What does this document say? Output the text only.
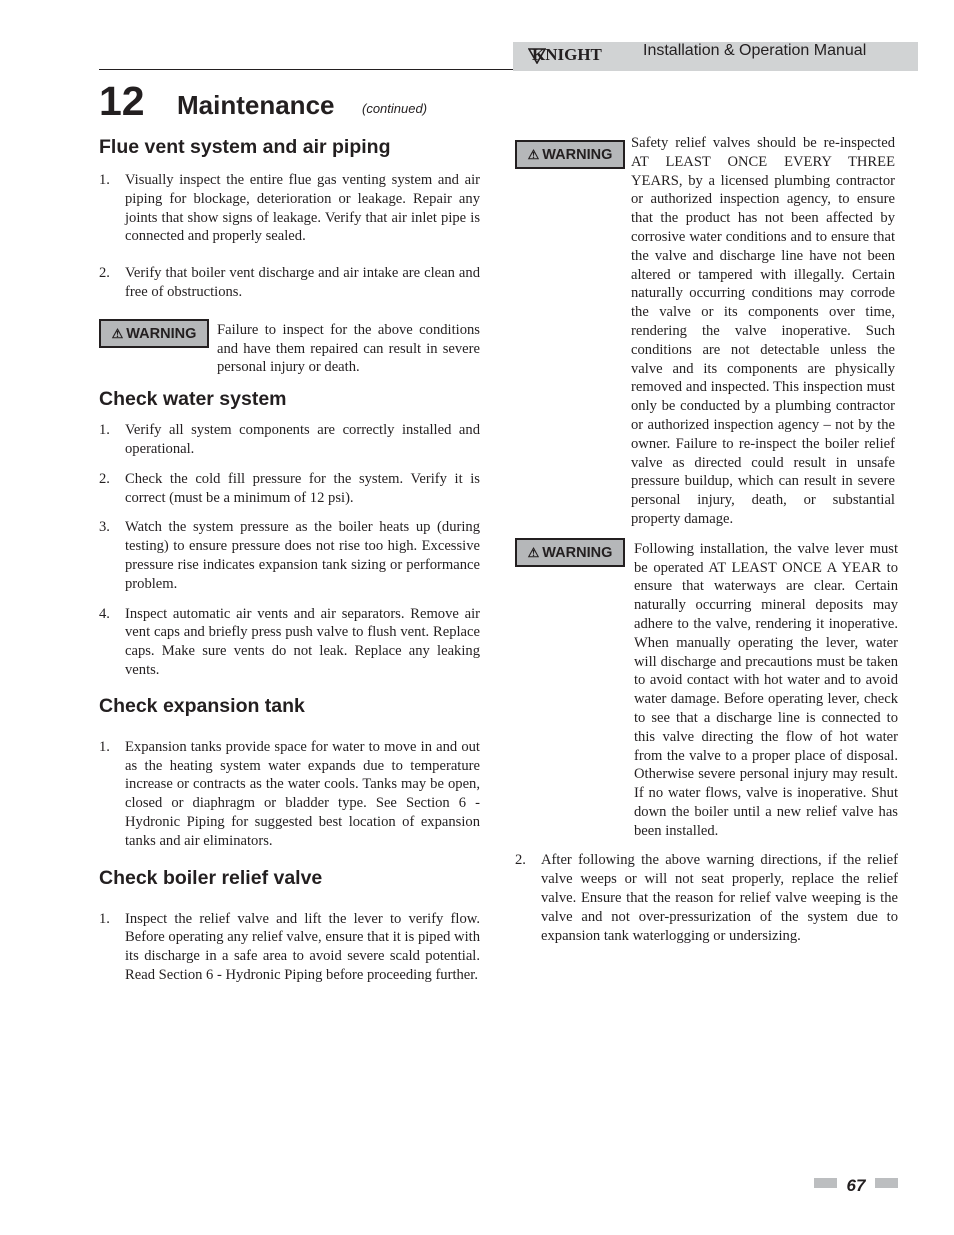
KNIGHT	Installation & Operation Manual
12 Maintenance (continued)
Flue vent system and air piping
1. Visually inspect the entire flue gas venting system and air piping for blockage, deterioration or leakage. Repair any joints that show signs of leakage. Verify that air inlet pipe is connected and properly sealed.
2. Verify that boiler vent discharge and air intake are clean and free of obstructions.
⚠ WARNING	Failure to inspect for the above conditions and have them repaired can result in severe personal injury or death.
Check water system
1. Verify all system components are correctly installed and operational.
2. Check the cold fill pressure for the system. Verify it is correct (must be a minimum of 12 psi).
3. Watch the system pressure as the boiler heats up (during testing) to ensure pressure does not rise too high. Excessive pressure rise indicates expansion tank sizing or performance problem.
4. Inspect automatic air vents and air separators. Remove air vent caps and briefly press push valve to flush vent. Replace caps. Make sure vents do not leak. Replace any leaking vents.
Check expansion tank
1. Expansion tanks provide space for water to move in and out as the heating system water expands due to temperature increase or contracts as the water cools. Tanks may be open, closed or diaphragm or bladder type. See Section 6 - Hydronic Piping for suggested best location of expansion tanks and air eliminators.
Check boiler relief valve
1. Inspect the relief valve and lift the lever to verify flow. Before operating any relief valve, ensure that it is piped with its discharge in a safe area to avoid severe scald potential. Read Section 6 - Hydronic Piping before proceeding further.
⚠ WARNING
Safety relief valves should be re-inspected AT LEAST ONCE EVERY THREE YEARS, by a licensed plumbing contractor or authorized inspection agency, to ensure that the product has not been affected by corrosive water conditions and to ensure that the valve and discharge line have not been altered or tampered with illegally. Certain naturally occurring conditions may corrode the valve or its components over time, rendering the valve inoperative. Such conditions are not detectable unless the valve and its components are physically removed and inspected. This inspection must only be conducted by a plumbing contractor or authorized inspection agency – not by the owner. Failure to re-inspect the boiler relief valve as directed could result in unsafe pressure buildup, which can result in severe personal injury, death, or substantial property damage.
⚠ WARNING	Following installation, the valve lever must be operated AT LEAST ONCE A YEAR to ensure that waterways are clear. Certain naturally occurring mineral deposits may adhere to the valve, rendering it inoperative. When manually operating the lever, water will discharge and precautions must be taken to avoid contact with hot water and to avoid water damage. Before operating lever, check to see that a discharge line is connected to this valve directing the flow of hot water from the valve to a proper place of disposal. Otherwise severe personal injury may result. If no water flows, valve is inoperative. Shut down the boiler until a new relief valve has been installed.
2. After following the above warning directions, if the relief valve weeps or will not seat properly, replace the relief valve. Ensure that the reason for relief valve weeping is the valve and not over-pressurization of the system due to expansion tank waterlogging or undersizing.
67
